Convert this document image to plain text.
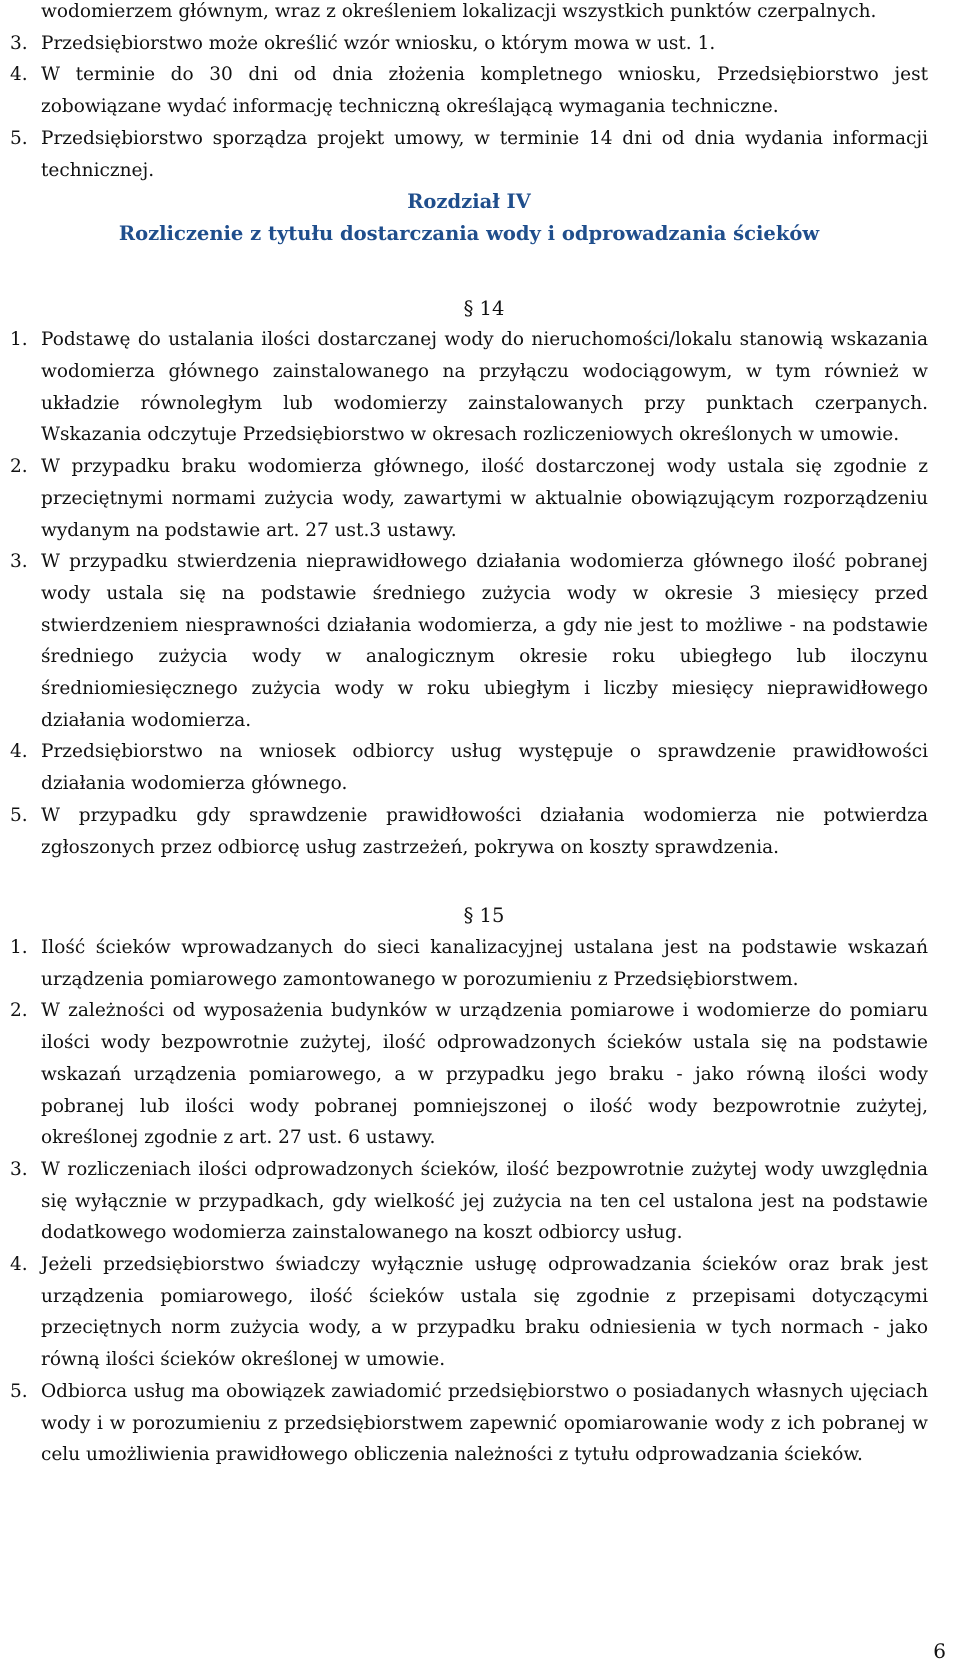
wodomierzem głównym, wraz z określeniem lokalizacji wszystkich punktów czerpalnych.
3. Przedsiębiorstwo może określić wzór wniosku, o którym mowa w ust. 1.
4. W terminie do 30 dni od dnia złożenia kompletnego wniosku, Przedsiębiorstwo jest zobowiązane wydać informację techniczną określającą wymagania techniczne.
5. Przedsiębiorstwo sporządza projekt umowy, w terminie 14 dni od dnia wydania informacji technicznej.
Rozdział IV
Rozliczenie z tytułu dostarczania wody i odprowadzania ścieków
§ 14
1. Podstawę do ustalania ilości dostarczanej wody do nieruchomości/lokalu stanowią wskazania wodomierza głównego zainstalowanego na przyłączu wodociągowym, w tym również w układzie równoległym lub wodomierzy zainstalowanych przy punktach czerpanych. Wskazania odczytuje Przedsiębiorstwo w okresach rozliczeniowych określonych w umowie.
2. W przypadku braku wodomierza głównego, ilość dostarczonej wody ustala się zgodnie z przeciętnymi normami zużycia wody, zawartymi w aktualnie obowiązującym rozporządzeniu wydanym na podstawie art. 27 ust.3 ustawy.
3. W przypadku stwierdzenia nieprawidłowego działania wodomierza głównego ilość pobranej wody ustala się na podstawie średniego zużycia wody w okresie 3 miesięcy przed stwierdzeniem niesprawności działania wodomierza, a gdy nie jest to możliwe - na podstawie średniego zużycia wody w analogicznym okresie roku ubiegłego lub iloczynu średniomiesięcznego zużycia wody w roku ubiegłym i liczby miesięcy nieprawidłowego działania wodomierza.
4. Przedsiębiorstwo na wniosek odbiorcy usług występuje o sprawdzenie prawidłowości działania wodomierza głównego.
5. W przypadku gdy sprawdzenie prawidłowości działania wodomierza nie potwierdza zgłoszonych przez odbiorcę usług zastrzeżeń, pokrywa on koszty sprawdzenia.
§ 15
1. Ilość ścieków wprowadzanych do sieci kanalizacyjnej ustalana jest na podstawie wskazań urządzenia pomiarowego zamontowanego w porozumieniu z Przedsiębiorstwem.
2. W zależności od wyposażenia budynków w urządzenia pomiarowe i wodomierze do pomiaru ilości wody bezpowrotnie zużytej, ilość odprowadzonych ścieków ustala się na podstawie wskazań urządzenia pomiarowego, a w przypadku jego braku - jako równą ilości wody pobranej lub ilości wody pobranej pomniejszonej o ilość wody bezpowrotnie zużytej, określonej zgodnie z art. 27 ust. 6 ustawy.
3. W rozliczeniach ilości odprowadzonych ścieków, ilość bezpowrotnie zużytej wody uwzględnia się wyłącznie w przypadkach, gdy wielkość jej zużycia na ten cel ustalona jest na podstawie dodatkowego wodomierza zainstalowanego na koszt odbiorcy usług.
4. Jeżeli przedsiębiorstwo świadczy wyłącznie usługę odprowadzania ścieków oraz brak jest urządzenia pomiarowego, ilość ścieków ustala się zgodnie z przepisami dotyczącymi przeciętnych norm zużycia wody, a w przypadku braku odniesienia w tych normach - jako równą ilości ścieków określonej w umowie.
5. Odbiorca usług ma obowiązek zawiadomić przedsiębiorstwo o posiadanych własnych ujęciach wody i w porozumieniu z przedsiębiorstwem zapewnić opomiarowanie wody z ich pobranej w celu umożliwienia prawidłowego obliczenia należności z tytułu odprowadzania ścieków.
6
